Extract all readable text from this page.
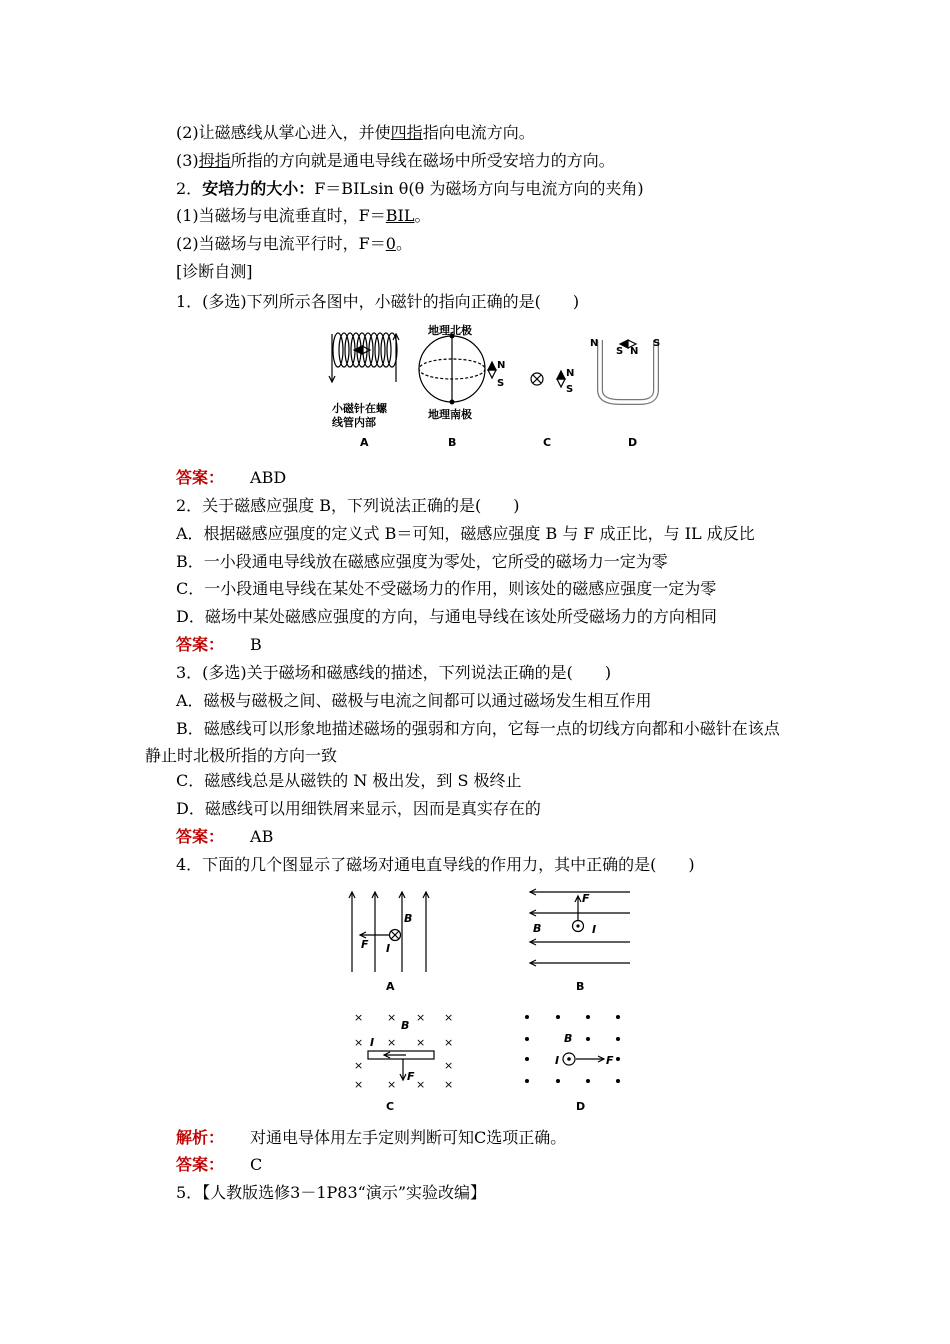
(2)让磁感线从掌心进入，并使四指指向电流方向。
(3)拇指所指的方向就是通电导线在磁场中所受安培力的方向。
2．安培力的大小：F＝BILsin θ(θ 为磁场方向与电流方向的夹角)
(1)当磁场与电流垂直时，F＝BIL。
(2)当磁场与电流平行时，F＝0。
[诊断自测]
1．(多选)下列所示各图中，小磁针的指向正确的是(　　)
小磁针在螺
线管内部
地理北极
地理南极
N
S
N
S
N	S
S N
A	B	C	D
答案： ABD
2．关于磁感应强度 B，下列说法正确的是(　　)
A．根据磁感应强度的定义式 B＝可知，磁感应强度 B 与 F 成正比，与 IL 成反比
B．一小段通电导线放在磁感应强度为零处，它所受的磁场力一定为零
C．一小段通电导线在某处不受磁场力的作用，则该处的磁感应强度一定为零
D．磁场中某处磁感应强度的方向，与通电导线在该处所受磁场力的方向相同
答案： B
3．(多选)关于磁场和磁感线的描述，下列说法正确的是(　　)
A．磁极与磁极之间、磁极与电流之间都可以通过磁场发生相互作用
B．磁感线可以形象地描述磁场的强弱和方向，它每一点的切线方向都和小磁针在该点
静止时北极所指的方向一致
C．磁感线总是从磁铁的 N 极出发，到 S 极终止
D．磁感线可以用细铁屑来显示，因而是真实存在的
答案： AB
4．下面的几个图显示了磁场对通电直导线的作用力，其中正确的是(　　)
× × × ×
× × × ×
×	×
× × × ×
B
F I
B
F
I
B
I
F
B
I	F
A	B
C	D
解析： 对通电导体用左手定则判断可知C选项正确。
答案： C
5．【人教版选修3－1P83“演示”实验改编】
